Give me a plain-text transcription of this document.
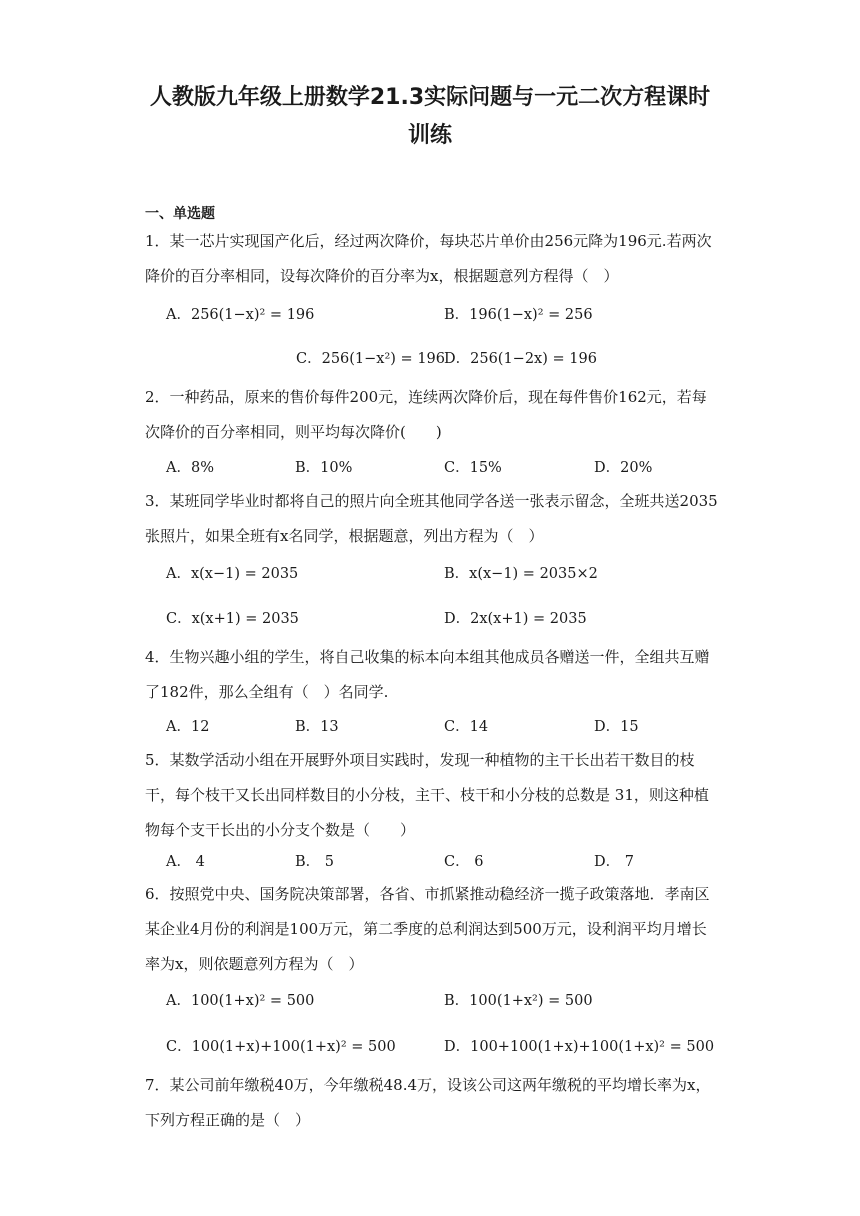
人教版九年级上册数学21.3实际问题与一元二次方程课时
训练
一、单选题
1．某一芯片实现国产化后，经过两次降价，每块芯片单价由256元降为196元.若两次降价的百分率相同，设每次降价的百分率为x，根据题意列方程得（　）
A．256(1−x)² = 196	B．196(1−x)² = 256
C．256(1−x²) = 196 D．256(1−2x) = 196
2．一种药品，原来的售价每件200元，连续两次降价后，现在每件售价162元，若每次降价的百分率相同，则平均每次降价(　　)
A．8%	B．10%	C．15%	D．20%
3．某班同学毕业时都将自己的照片向全班其他同学各送一张表示留念，全班共送2035张照片，如果全班有x名同学，根据题意，列出方程为（　）
A．x(x−1) = 2035	B．x(x−1) = 2035×2
C．x(x+1) = 2035	D．2x(x+1) = 2035
4．生物兴趣小组的学生，将自己收集的标本向本组其他成员各赠送一件，全组共互赠了182件，那么全组有（　）名同学.
A．12	B．13	C．14	D．15
5．某数学活动小组在开展野外项目实践时，发现一种植物的主干长出若干数目的枝干，每个枝干又长出同样数目的小分枝，主干、枝干和小分枝的总数是 31，则这种植物每个支干长出的小分支个数是（　　）
A． 4	B． 5	C． 6	D． 7
6．按照党中央、国务院决策部署，各省、市抓紧推动稳经济一揽子政策落地．孝南区某企业4月份的利润是100万元，第二季度的总利润达到500万元，设利润平均月增长率为x，则依题意列方程为（　）
A．100(1+x)² = 500	B．100(1+x²) = 500
C．100(1+x)+100(1+x)² = 500	D．100+100(1+x)+100(1+x)² = 500
7．某公司前年缴税40万，今年缴税48.4万，设该公司这两年缴税的平均增长率为x，下列方程正确的是（　）
